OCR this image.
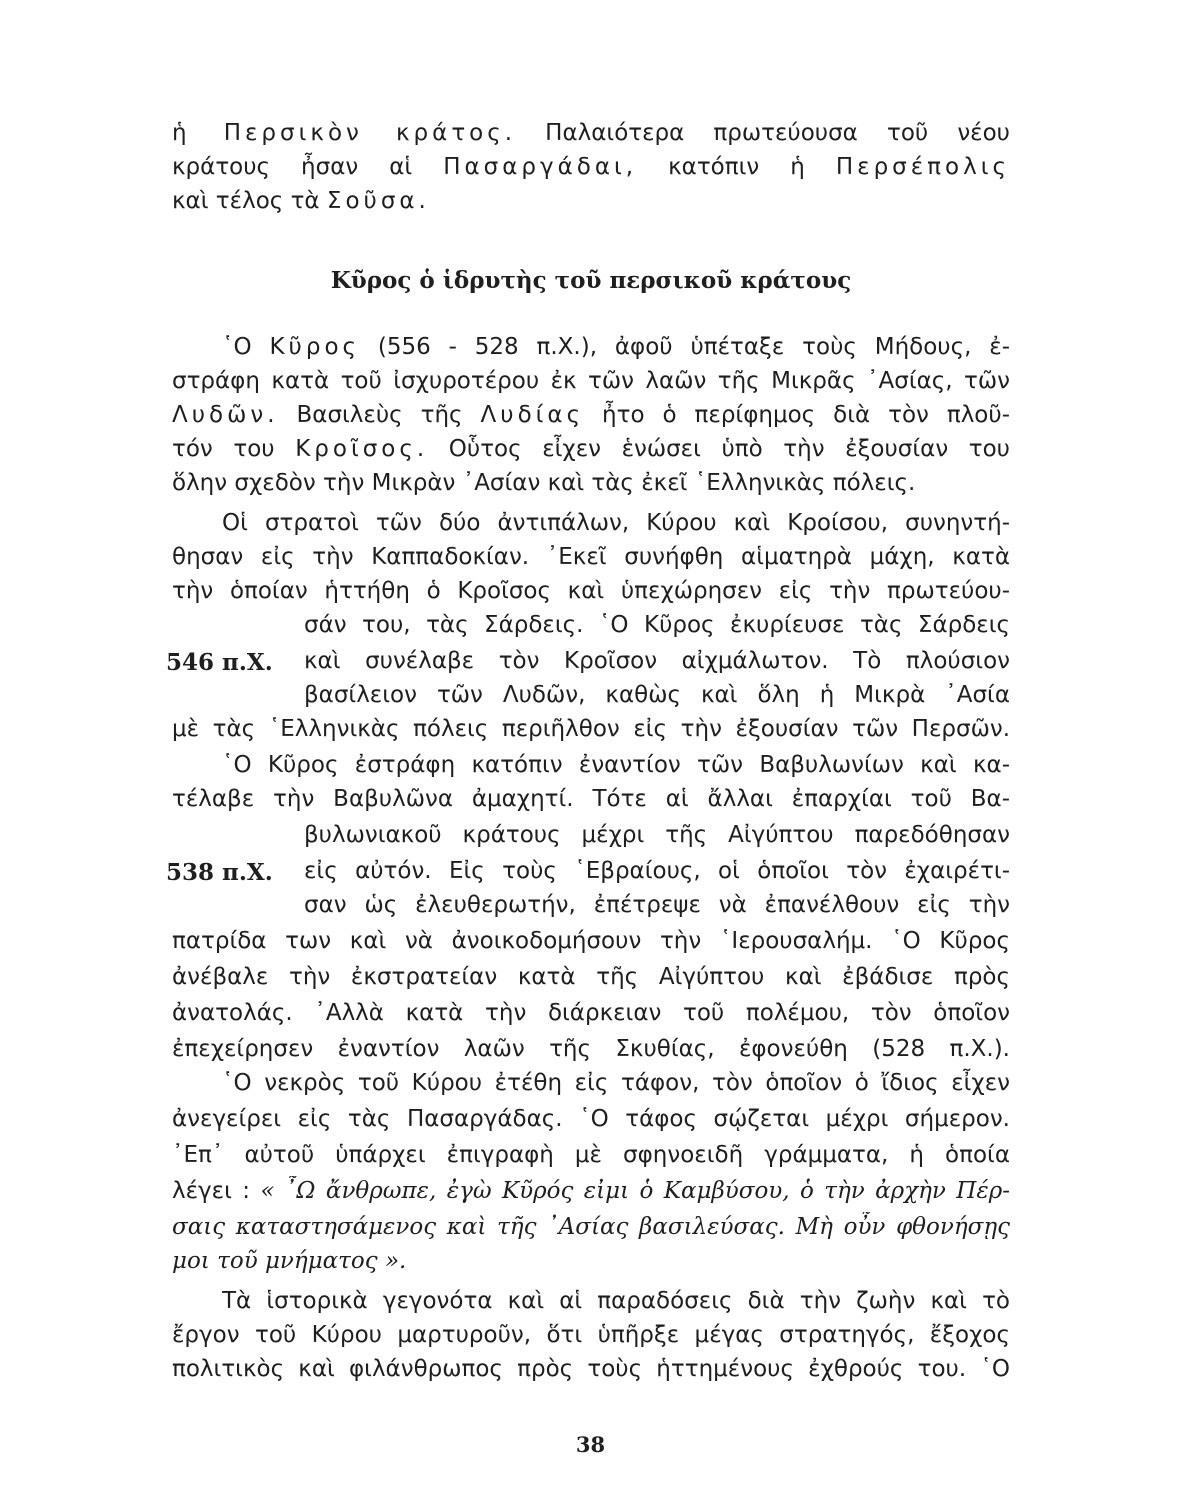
ἡ Περσικὸν κράτος. Παλαιότερα πρωτεύουσα τοῦ νέου
κράτους ἦσαν αἱ Πασαργάδαι, κατόπιν ἡ Περσέπολις
καὶ τέλος τὰ Σοῦσα.
Κῦρος ὁ ἱδρυτὴς τοῦ περσικοῦ κράτους
῾Ο Κῦρος (556 - 528 π.Χ.), ἀφοῦ ὑπέταξε τοὺς Μήδους, ἐ-
στράφη κατὰ τοῦ ἰσχυροτέρου ἐκ τῶν λαῶν τῆς Μικρᾶς ᾿Ασίας, τῶν
Λυδῶν. Βασιλεὺς τῆς Λυδίας ἦτο ὁ περίφημος διὰ τὸν πλοῦ-
τόν του Κροῖσος. Οὗτος εἶχεν ἑνώσει ὑπὸ τὴν ἐξουσίαν του
ὅλην σχεδὸν τὴν Μικρὰν ᾿Ασίαν καὶ τὰς ἐκεῖ ῾Ελληνικὰς πόλεις.
Οἱ στρατοὶ τῶν δύο ἀντιπάλων, Κύρου καὶ Κροίσου, συνηντή-
θησαν εἰς τὴν Καππαδοκίαν. ᾿Εκεῖ συνήφθη αἱματηρὰ μάχη, κατὰ
τὴν ὁποίαν ἡττήθη ὁ Κροῖσος καὶ ὑπεχώρησεν εἰς τὴν πρωτεύου-
σάν του, τὰς Σάρδεις. ῾Ο Κῦρος ἐκυρίευσε τὰς Σάρδεις
546 π.Χ. καὶ συνέλαβε τὸν Κροῖσον αἰχμάλωτον. Τὸ πλούσιον
βασίλειον τῶν Λυδῶν, καθὼς καὶ ὅλη ἡ Μικρὰ ᾿Ασία
μὲ τὰς ῾Ελληνικὰς πόλεις περιῆλθον εἰς τὴν ἐξουσίαν τῶν Περσῶν.
῾Ο Κῦρος ἐστράφη κατόπιν ἐναντίον τῶν Βαβυλωνίων καὶ κα-
τέλαβε τὴν Βαβυλῶνα ἀμαχητί. Τότε αἱ ἄλλαι ἐπαρχίαι τοῦ Βα-
βυλωνιακοῦ κράτους μέχρι τῆς Αἰγύπτου παρεδόθησαν
538 π.Χ. εἰς αὐτόν. Εἰς τοὺς ῾Εβραίους, οἱ ὁποῖοι τὸν ἐχαιρέτι-
σαν ὡς ἐλευθερωτήν, ἐπέτρεψε νὰ ἐπανέλθουν εἰς τὴν
πατρίδα των καὶ νὰ ἀνοικοδομήσουν τὴν ῾Ιερουσαλήμ. ῾Ο Κῦρος
ἀνέβαλε τὴν ἐκστρατείαν κατὰ τῆς Αἰγύπτου καὶ ἐβάδισε πρὸς
ἀνατολάς. ᾿Αλλὰ κατὰ τὴν διάρκειαν τοῦ πολέμου, τὸν ὁποῖον
ἐπεχείρησεν ἐναντίον λαῶν τῆς Σκυθίας, ἐφονεύθη (528 π.Χ.).
῾Ο νεκρὸς τοῦ Κύρου ἐτέθη εἰς τάφον, τὸν ὁποῖον ὁ ἴδιος εἶχεν
ἀνεγείρει εἰς τὰς Πασαργάδας. ῾Ο τάφος σῴζεται μέχρι σήμερον.
᾿Επ᾿ αὐτοῦ ὑπάρχει ἐπιγραφὴ μὲ σφηνοειδῆ γράμματα, ἡ ὁποία
λέγει : « ῏Ω ἄνθρωπε, ἐγὼ Κῦρός εἰμι ὁ Καμβύσου, ὁ τὴν ἀρχὴν Πέρ-
σαις καταστησάμενος καὶ τῆς ᾿Ασίας βασιλεύσας. Μὴ οὖν φθονήσῃς
μοι τοῦ μνήματος ».
Τὰ ἱστορικὰ γεγονότα καὶ αἱ παραδόσεις διὰ τὴν ζωὴν καὶ τὸ
ἔργον τοῦ Κύρου μαρτυροῦν, ὅτι ὑπῆρξε μέγας στρατηγός, ἔξοχος
πολιτικὸς καὶ φιλάνθρωπος πρὸς τοὺς ἡττημένους ἐχθρούς του. ῾Ο
38
